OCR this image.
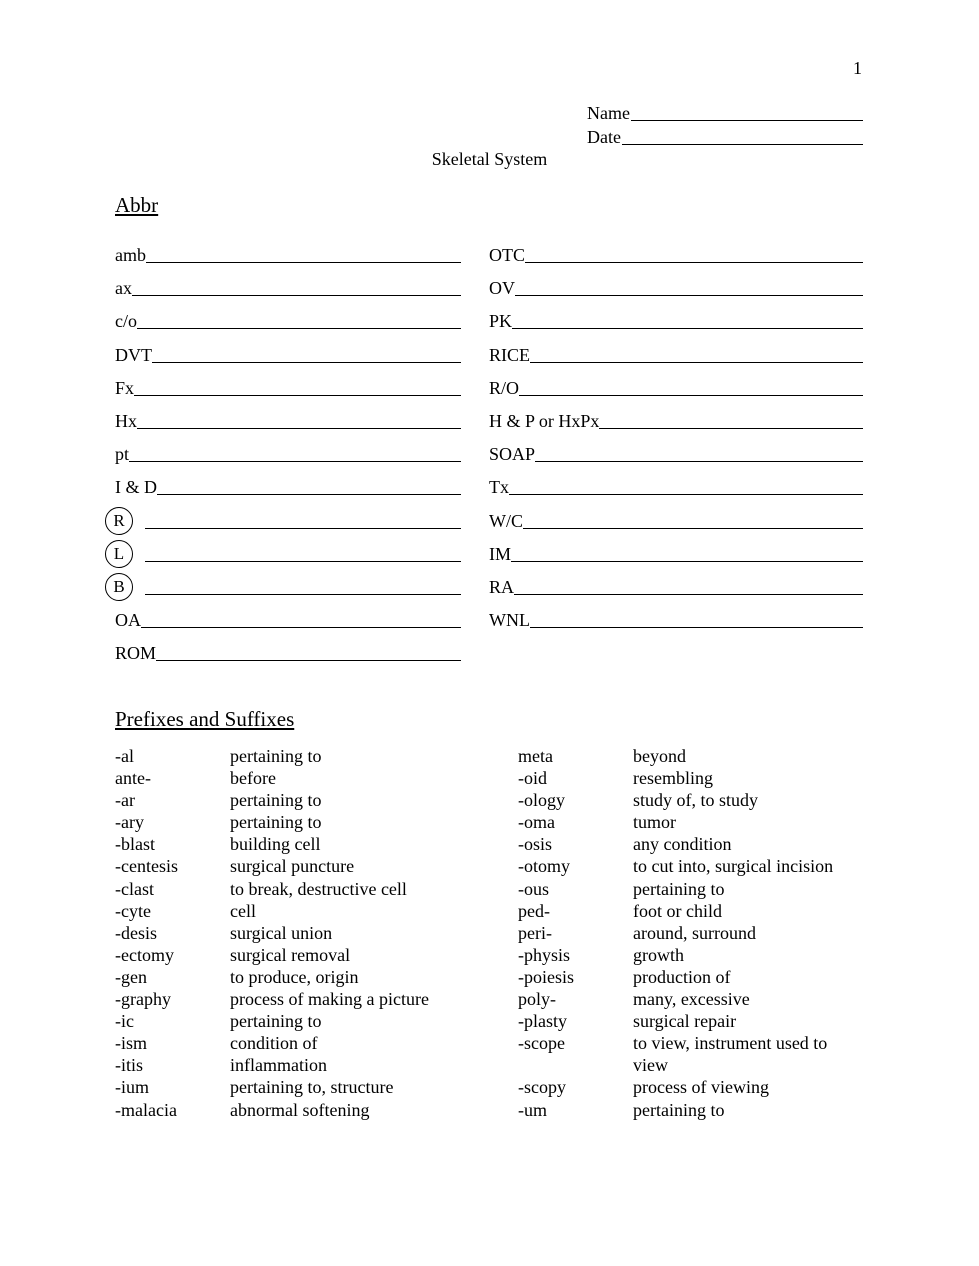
1
Name
Date
Skeletal System
Abbr
amb
ax
c/o
DVT
Fx
Hx
pt
I & D
R
L
B
OA
ROM
OTC
OV
PK
RICE
R/O
H & P or HxPx
SOAP
Tx
W/C
IM
RA
WNL
Prefixes and Suffixes
-al	pertaining to
ante-	before
-ar	pertaining to
-ary	pertaining to
-blast	building cell
-centesis	surgical puncture
-clast	to break, destructive cell
-cyte	cell
-desis	surgical union
-ectomy	surgical removal
-gen	to produce, origin
-graphy	process of making a picture
-ic	pertaining to
-ism	condition of
-itis	inflammation
-ium	pertaining to, structure
-malacia	abnormal softening
meta	beyond
-oid	resembling
-ology	study of, to study
-oma	tumor
-osis	any condition
-otomy	to cut into, surgical incision
-ous	pertaining to
ped-	foot or child
peri-	around, surround
-physis	growth
-poiesis	production of
poly-	many, excessive
-plasty	surgical repair
-scope	to view, instrument used to view
-scopy	process of viewing
-um	pertaining to
